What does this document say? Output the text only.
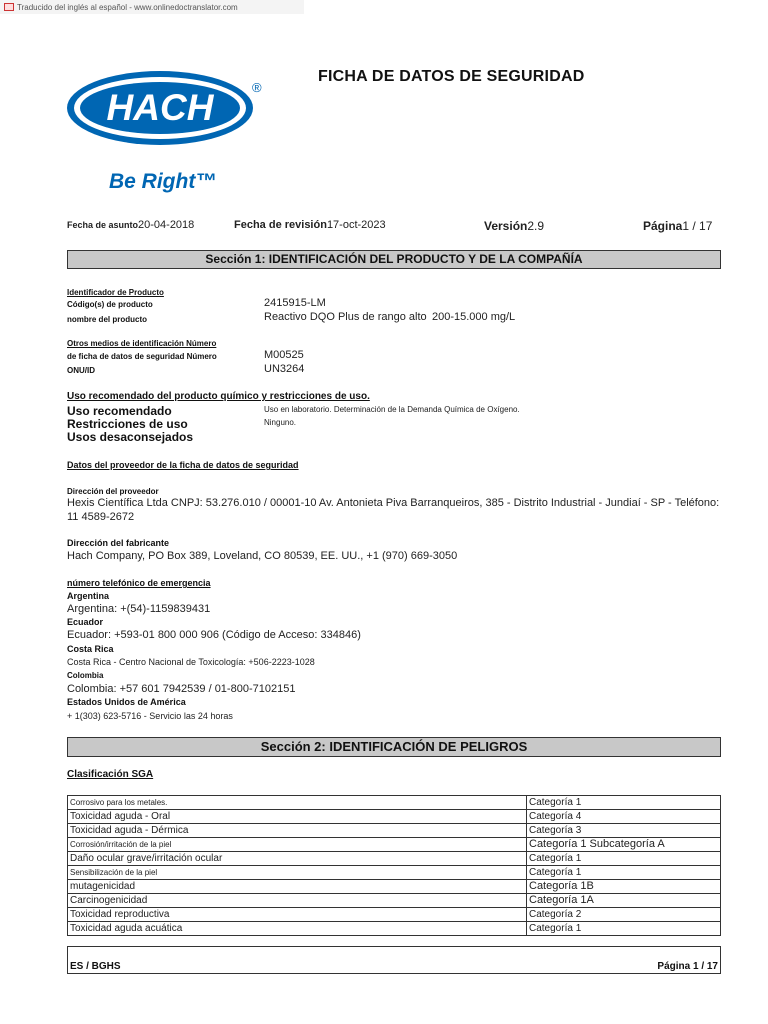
Traducido del inglés al español - www.onlinedoctranslator.com
HACH	®
Be Right™
FICHA DE DATOS DE SEGURIDAD
Fecha de asunto20-04-2018	Fecha de revisión17-oct-2023	Versión2.9	Página1 / 17
Sección 1: IDENTIFICACIÓN DEL PRODUCTO Y DE LA COMPAÑÍA
Identificador de Producto
Código(s) de producto	2415915-LM
nombre del producto	Reactivo DQO Plus de rango alto 200-15.000 mg/L
Otros medios de identificación Número
de ficha de datos de seguridad Número	M00525
ONU/ID	UN3264
Uso recomendado del producto químico y restricciones de uso.
Uso recomendado	Uso en laboratorio. Determinación de la Demanda Química de Oxígeno.
Restricciones de uso	Ninguno.
Usos desaconsejados
Datos del proveedor de la ficha de datos de seguridad
Dirección del proveedor
Hexis Científica Ltda CNPJ: 53.276.010 / 00001-10 Av. Antonieta Piva Barranqueiros, 385 - Distrito Industrial - Jundiaí - SP - Teléfono:
11 4589-2672
Dirección del fabricante
Hach Company, PO Box 389, Loveland, CO 80539, EE. UU., +1 (970) 669-3050
número telefónico de emergencia
Argentina
Argentina: +(54)-1159839431
Ecuador
Ecuador: +593-01 800 000 906 (Código de Acceso: 334846)
Costa Rica
Costa Rica - Centro Nacional de Toxicología: +506-2223-1028
Colombia
Colombia: +57 601 7942539 / 01-800-7102151
Estados Unidos de América
+ 1(303) 623-5716 - Servicio las 24 horas
Sección 2: IDENTIFICACIÓN DE PELIGROS
Clasificación SGA
Corrosivo para los metales.	Categoría 1
Toxicidad aguda - Oral	Categoría 4
Toxicidad aguda - Dérmica	Categoría 3
Corrosión/irritación de la piel	Categoría 1 Subcategoría A
Daño ocular grave/irritación ocular	Categoría 1
Sensibilización de la piel	Categoría 1
mutagenicidad	Categoría 1B
Carcinogenicidad	Categoría 1A
Toxicidad reproductiva	Categoría 2
Toxicidad aguda acuática	Categoría 1
ES / BGHS	Página 1 / 17
